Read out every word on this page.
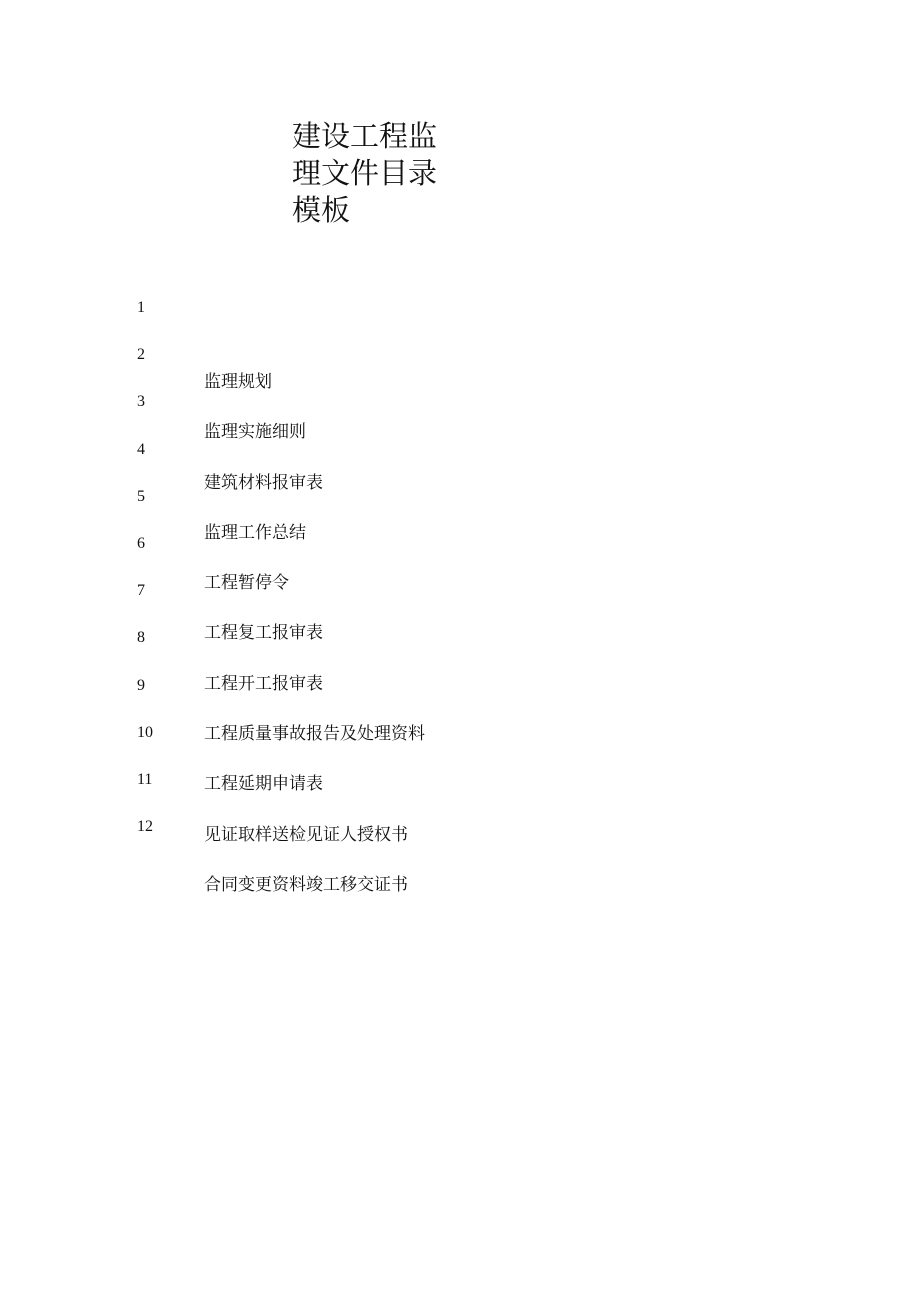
建设工程监
理文件目录
模板
1
2
3
4
5
6
7
8
9
10
11
12
监理规划
监理实施细则
建筑材料报审表
监理工作总结
工程暂停令
工程复工报审表
工程开工报审表
工程质量事故报告及处理资料
工程延期申请表
见证取样送检见证人授权书
合同变更资料竣工移交证书
